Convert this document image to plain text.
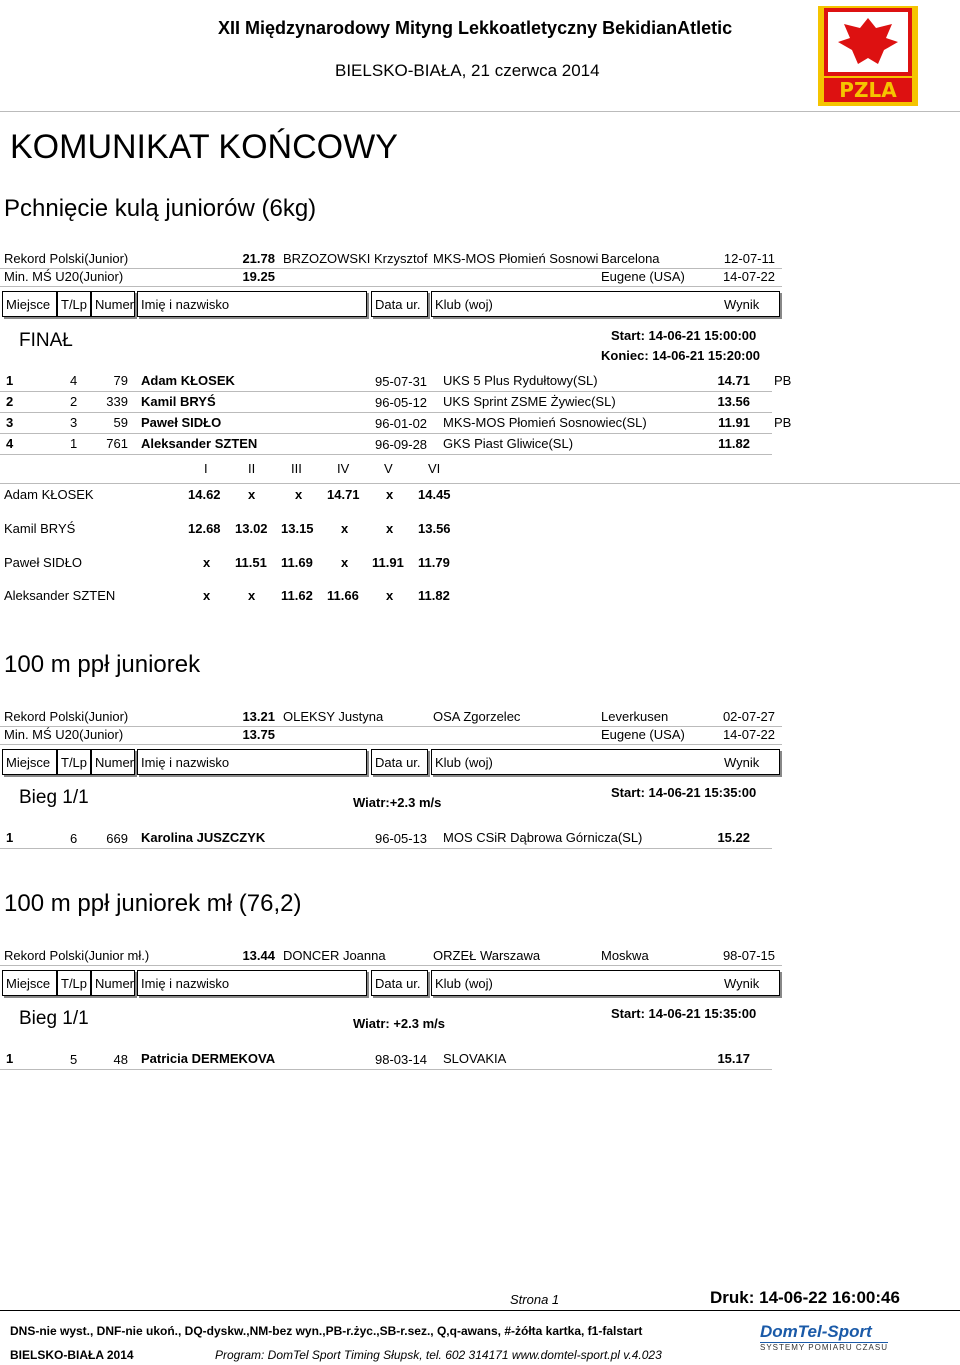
XII Międzynarodowy Mityng Lekkoatletyczny BekidianAtletic
BIELSKO-BIAŁA, 21 czerwca 2014
PZLA
KOMUNIKAT KOŃCOWY
Pchnięcie kulą juniorów (6kg)
Rekord Polski(Junior)	21.78 BRZOZOWSKI Krzysztof MKS-MOS Płomień Sosnowi Barcelona	12-07-11
Min. MŚ U20(Junior)	19.25	Eugene (USA)	14-07-22
Miejsce T/Lp Numer Imię i nazwisko	Data ur.	Klub (woj)	Wynik
FINAŁ	Start: 14-06-21 15:00:00
Koniec: 14-06-21 15:20:00
1	4	79 Adam KŁOSEK	95-07-31 UKS 5 Plus Rydułtowy(SL)	14.71 PB
2	2	339 Kamil BRYŚ	96-05-12 UKS Sprint ZSME Żywiec(SL)	13.56
3	3	59 Paweł SIDŁO	96-01-02 MKS-MOS Płomień Sosnowiec(SL)	11.91 PB
4	1	761 Aleksander SZTEN	96-09-28 GKS Piast Gliwice(SL)	11.82
I	II	III	IV	V	VI
Adam KŁOSEK	14.62 x	x 14.71 x 14.45
Kamil BRYŚ	12.68 13.02 13.15 x	x 13.56
Paweł SIDŁO	x 11.51 11.69 x 11.91 11.79
Aleksander SZTEN	x	x 11.62 11.66 x 11.82
100 m ppł juniorek
Rekord Polski(Junior)	13.21 OLEKSY Justyna	OSA Zgorzelec	Leverkusen	02-07-27
Min. MŚ U20(Junior)	13.75	Eugene (USA)	14-07-22
Miejsce T/Lp Numer Imię i nazwisko	Data ur.	Klub (woj)	Wynik
Bieg 1/1	Wiatr:+2.3 m/s
Start: 14-06-21 15:35:00
1	6	669 Karolina JUSZCZYK	96-05-13 MOS CSiR Dąbrowa Górnicza(SL)	15.22
100 m ppł juniorek mł (76,2)
Rekord Polski(Junior mł.)	13.44 DONCER Joanna	ORZEŁ Warszawa	Moskwa	98-07-15
Miejsce T/Lp Numer Imię i nazwisko	Data ur.	Klub (woj)	Wynik
Bieg 1/1	Wiatr: +2.3 m/s
Start: 14-06-21 15:35:00
1	5	48 Patricia DERMEKOVA	98-03-14 SLOVAKIA	15.17
Strona 1	Druk: 14-06-22 16:00:46
DNS-nie wyst., DNF-nie ukoń., DQ-dyskw.,NM-bez wyn.,PB-r.życ.,SB-r.sez., Q,q-awans, #-żółta kartka, f1-falstart
BIELSKO-BIAŁA 2014	Program: DomTel Sport Timing Słupsk, tel. 602 314171 www.domtel-sport.pl v.4.023
DomTel-Sport
SYSTEMY POMIARU CZASU
